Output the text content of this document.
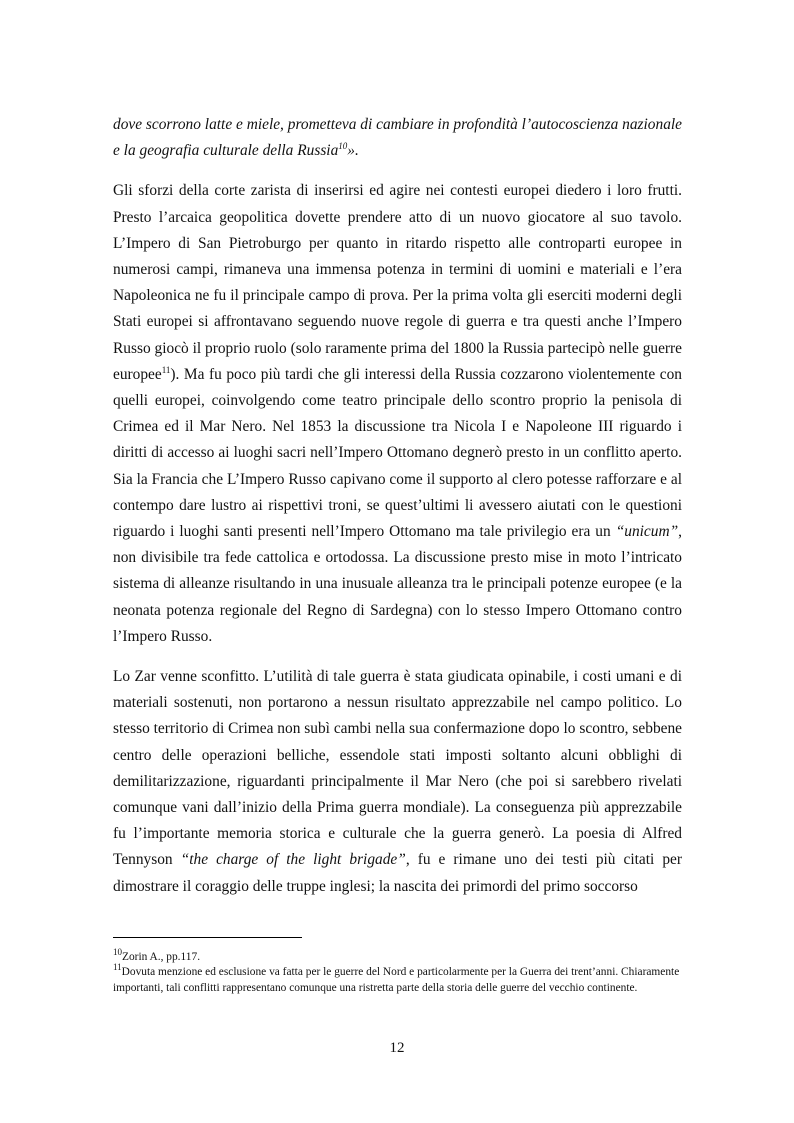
dove scorrono latte e miele, prometteva di cambiare in profondità l’autocoscienza nazionale e la geografia culturale della Russia$^{10}$».

Gli sforzi della corte zarista di inserirsi ed agire nei contesti europei diedero i loro frutti. Presto l’arcaica geopolitica dovette prendere atto di un nuovo giocatore al suo tavolo. L’Impero di San Pietroburgo per quanto in ritardo rispetto alle controparti europee in numerosi campi, rimaneva una immensa potenza in termini di uomini e materiali e l’era Napoleonica ne fu il principale campo di prova. Per la prima volta gli eserciti moderni degli Stati europei si affrontavano seguendo nuove regole di guerra e tra questi anche l’Impero Russo giocò il proprio ruolo (solo raramente prima del 1800 la Russia partecipò nelle guerre europee$^{11}$). Ma fu poco più tardi che gli interessi della Russia cozzarono violentemente con quelli europei, coinvolgendo come teatro principale dello scontro proprio la penisola di Crimea ed il Mar Nero. Nel 1853 la discussione tra Nicola I e Napoleone III riguardo i diritti di accesso ai luoghi sacri nell’Impero Ottomano degnerò presto in un conflitto aperto. Sia la Francia che L’Impero Russo capivano come il supporto al clero potesse rafforzare e al contempo dare lustro ai rispettivi troni, se quest’ultimi li avessero aiutati con le questioni riguardo i luoghi santi presenti nell’Impero Ottomano ma tale privilegio era un “unicum”, non divisibile tra fede cattolica e ortodossa. La discussione presto mise in moto l’intricato sistema di alleanze risultando in una inusuale alleanza tra le principali potenze europee (e la neonata potenza regionale del Regno di Sardegna) con lo stesso Impero Ottomano contro l’Impero Russo.

Lo Zar venne sconfitto. L’utilità di tale guerra è stata giudicata opinabile, i costi umani e di materiali sostenuti, non portarono a nessun risultato apprezzabile nel campo politico. Lo stesso territorio di Crimea non subì cambi nella sua confermazione dopo lo scontro, sebbene centro delle operazioni belliche, essendole stati imposti soltanto alcuni obblighi di demilitarizzazione, riguardanti principalmente il Mar Nero (che poi si sarebbero rivelati comunque vani dall’inizio della Prima guerra mondiale). La conseguenza più apprezzabile fu l’importante memoria storica e culturale che la guerra generò. La poesia di Alfred Tennyson “the charge of the light brigade”, fu e rimane uno dei testi più citati per dimostrare il coraggio delle truppe inglesi; la nascita dei primordi del primo soccorso

$^{10}$Zorin A., pp.117.
$^{11}$Dovuta menzione ed esclusione va fatta per le guerre del Nord e particolarmente per la Guerra dei trent’anni. Chiaramente importanti, tali conflitti rappresentano comunque una ristretta parte della storia delle guerre del vecchio continente.
12
